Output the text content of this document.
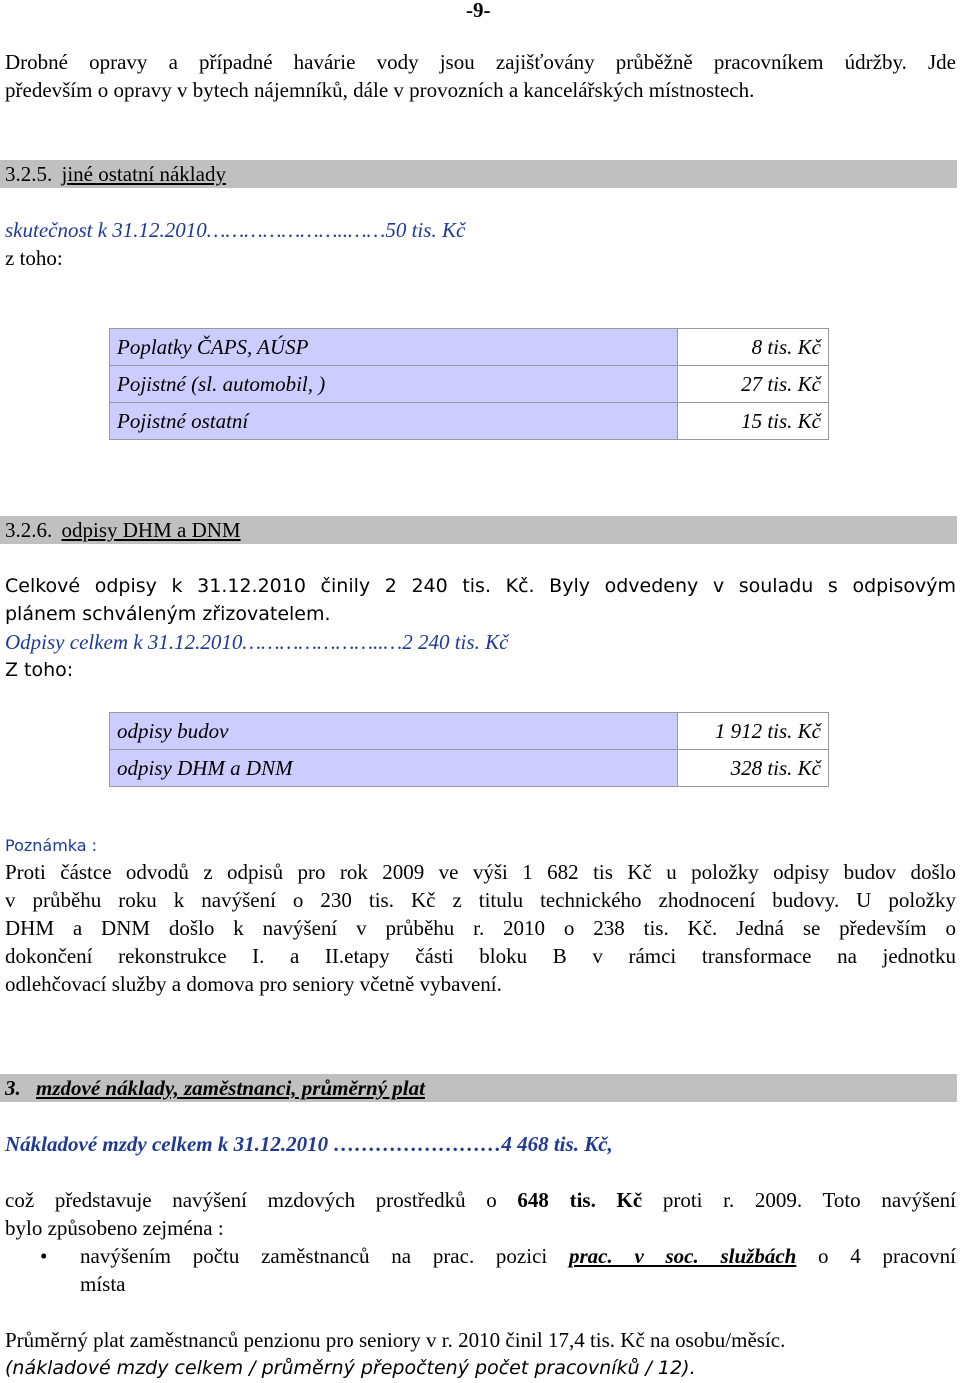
-9-
Drobné opravy a případné havárie vody jsou zajišťovány průběžně pracovníkem údržby. Jde
především o opravy v bytech nájemníků, dále v provozních a kancelářských místnostech.
3.2.5. jiné ostatní náklady
skutečnost k 31.12.2010…………………..……50 tis. Kč
z toho:
Poplatky ČAPS, AÚSP	8 tis. Kč
Pojistné (sl. automobil, )	27 tis. Kč
Pojistné ostatní	15 tis. Kč
3.2.6. odpisy DHM a DNM
Celkové odpisy k 31.12.2010 činily 2 240 tis. Kč. Byly odvedeny v souladu s odpisovým
plánem schváleným zřizovatelem.
Odpisy celkem k 31.12.2010…………………..…2 240 tis. Kč
Z toho:
odpisy budov	1 912 tis. Kč
odpisy DHM a DNM	328 tis. Kč
Poznámka :
Proti částce odvodů z odpisů pro rok 2009 ve výši 1 682 tis Kč u položky odpisy budov došlo
v průběhu roku k navýšení o 230 tis. Kč z titulu technického zhodnocení budovy. U položky
DHM a DNM došlo k navýšení v průběhu r. 2010 o 238 tis. Kč. Jedná se především o
dokončení rekonstrukce I. a II.etapy části bloku B v rámci transformace na jednotku
odlehčovací služby a domova pro seniory včetně vybavení.
3. mzdové náklady, zaměstnanci, průměrný plat
Nákladové mzdy celkem k 31.12.2010 ……………………4 468 tis. Kč,
což představuje navýšení mzdových prostředků o 648 tis. Kč proti r. 2009. Toto navýšení
bylo způsobeno zejména :
• navýšením počtu zaměstnanců na prac. pozici prac. v soc. službách o 4 pracovní
místa
Průměrný plat zaměstnanců penzionu pro seniory v r. 2010 činil 17,4 tis. Kč na osobu/měsíc.
(nákladové mzdy celkem / průměrný přepočtený počet pracovníků / 12).
